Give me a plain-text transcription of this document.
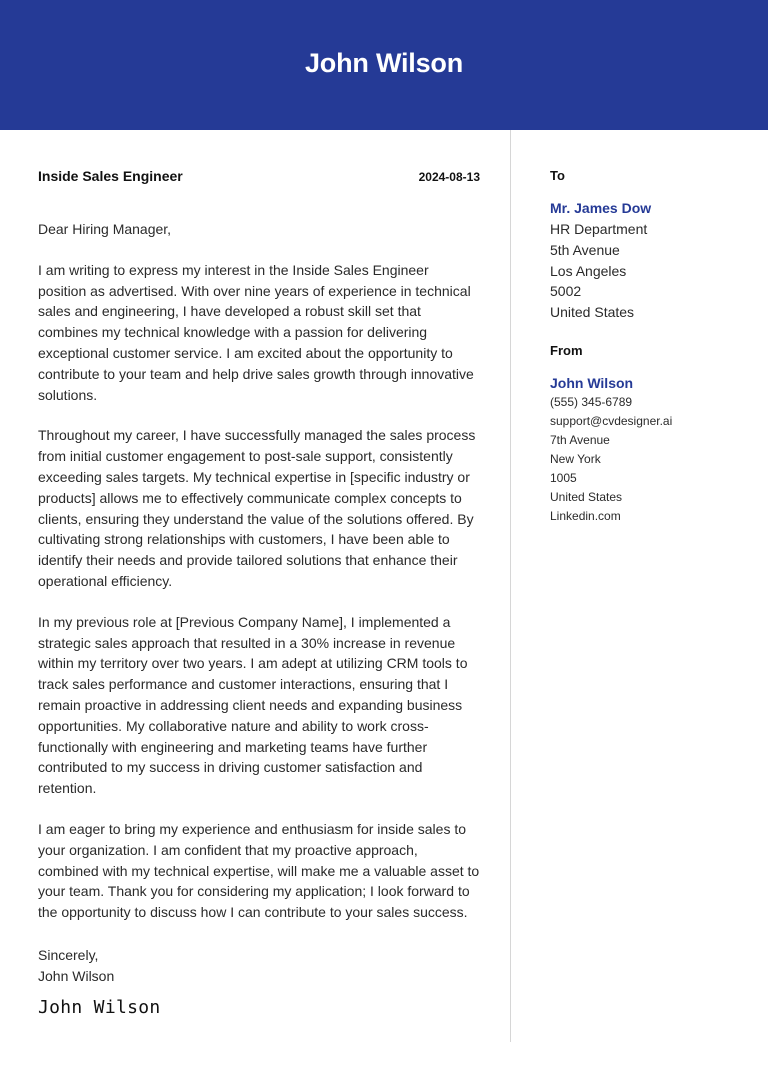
John Wilson
Inside Sales Engineer	2024-08-13

Dear Hiring Manager,

I am writing to express my interest in the Inside Sales Engineer position as advertised. With over nine years of experience in technical sales and engineering, I have developed a robust skill set that combines my technical knowledge with a passion for delivering exceptional customer service. I am excited about the opportunity to contribute to your team and help drive sales growth through innovative solutions.

Throughout my career, I have successfully managed the sales process from initial customer engagement to post-sale support, consistently exceeding sales targets. My technical expertise in [specific industry or products] allows me to effectively communicate complex concepts to clients, ensuring they understand the value of the solutions offered. By cultivating strong relationships with customers, I have been able to identify their needs and provide tailored solutions that enhance their operational efficiency.

In my previous role at [Previous Company Name], I implemented a strategic sales approach that resulted in a 30% increase in revenue within my territory over two years. I am adept at utilizing CRM tools to track sales performance and customer interactions, ensuring that I remain proactive in addressing client needs and expanding business opportunities. My collaborative nature and ability to work cross-functionally with engineering and marketing teams have further contributed to my success in driving customer satisfaction and retention.

I am eager to bring my experience and enthusiasm for inside sales to your organization. I am confident that my proactive approach, combined with my technical expertise, will make me a valuable asset to your team. Thank you for considering my application; I look forward to the opportunity to discuss how I can contribute to your sales success.

Sincerely,

John Wilson

John Wilson

To

Mr. James Dow
HR Department
5th Avenue
Los Angeles
5002
United States

From

John Wilson
(555) 345-6789
support@cvdesigner.ai
7th Avenue
New York
1005
United States
Linkedin.com
